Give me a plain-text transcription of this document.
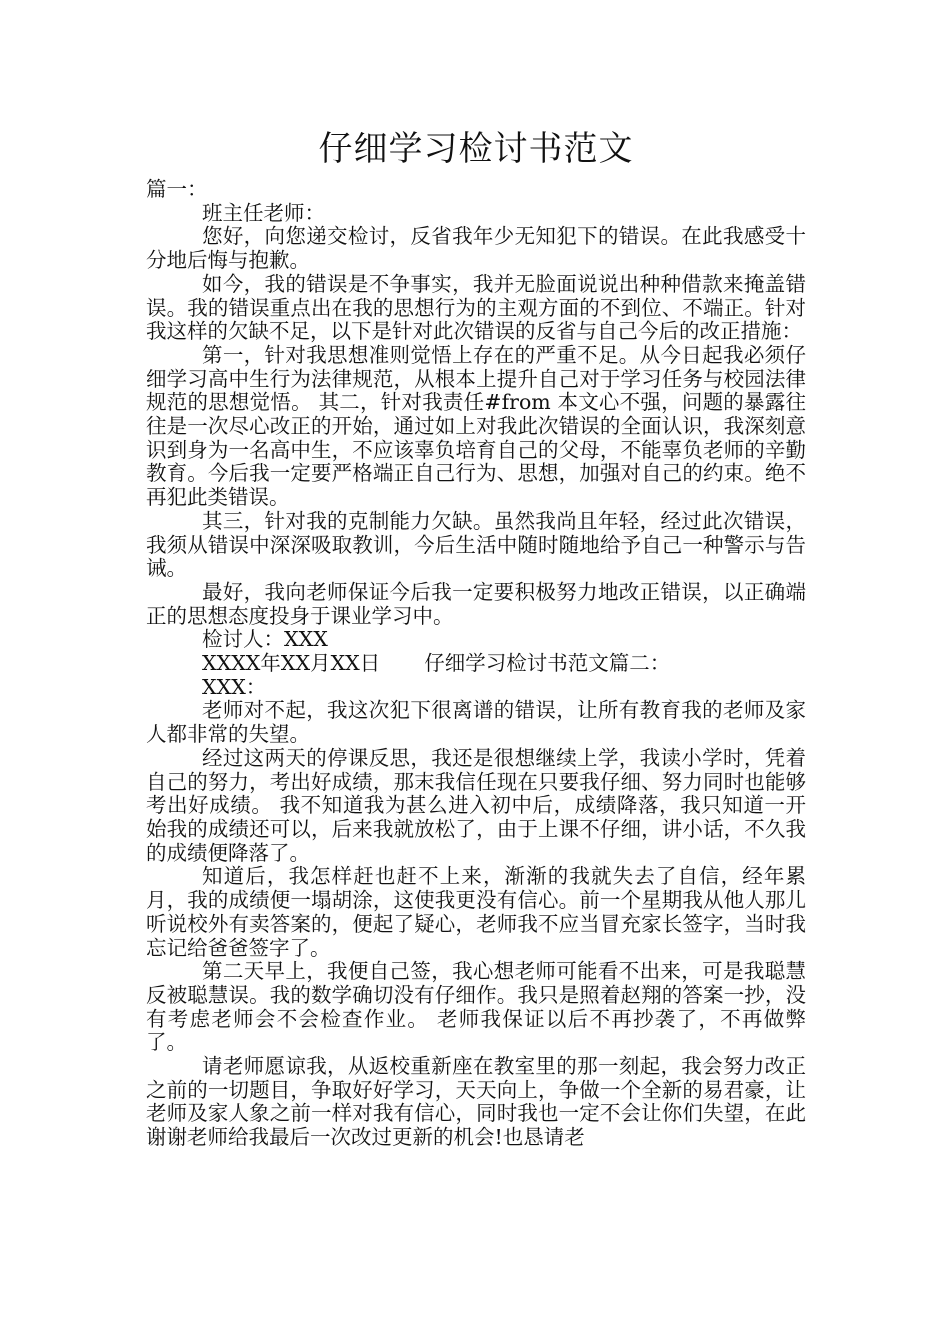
仔细学习检讨书范文

篇一：

班主任老师：

您好，向您递交检讨，反省我年少无知犯下的错误。在此我感受十分地后悔与抱歉。

如今，我的错误是不争事实，我并无脸面说说出种种借款来掩盖错误。我的错误重点出在我的思想行为的主观方面的不到位、不端正。针对我这样的欠缺不足，以下是针对此次错误的反省与自己今后的改正措施：

第一，针对我思想准则觉悟上存在的严重不足。从今日起我必须仔细学习高中生行为法律规范，从根本上提升自己对于学习任务与校园法律规范的思想觉悟。 其二，针对我责任#from 本文心不强，问题的暴露往往是一次尽心改正的开始，通过如上对我此次错误的全面认识，我深刻意识到身为一名高中生，不应该辜负培育自己的父母，不能辜负老师的辛勤教育。今后我一定要严格端正自己行为、思想，加强对自己的约束。绝不再犯此类错误。

其三，针对我的克制能力欠缺。虽然我尚且年轻，经过此次错误，我须从错误中深深吸取教训，今后生活中随时随地给予自己一种警示与告诫。

最好，我向老师保证今后我一定要积极努力地改正错误，以正确端正的思想态度投身于课业学习中。

检讨人：XXX

XXXX年XX月XX日 仔细学习检讨书范文篇二：

XXX：

老师对不起，我这次犯下很离谱的错误，让所有教育我的老师及家人都非常的失望。

经过这两天的停课反思，我还是很想继续上学，我读小学时，凭着自己的努力，考出好成绩，那末我信任现在只要我仔细、努力同时也能够考出好成绩。 我不知道我为甚么进入初中后，成绩降落，我只知道一开始我的成绩还可以，后来我就放松了，由于上课不仔细，讲小话，不久我的成绩便降落了。

知道后，我怎样赶也赶不上来，渐渐的我就失去了自信，经年累月，我的成绩便一塌胡涂，这使我更没有信心。前一个星期我从他人那儿听说校外有卖答案的，便起了疑心，老师我不应当冒充家长签字，当时我忘记给爸爸签字了。

第二天早上，我便自己签，我心想老师可能看不出来，可是我聪慧反被聪慧误。我的数学确切没有仔细作。我只是照着赵翔的答案一抄，没有考虑老师会不会检查作业。 老师我保证以后不再抄袭了，不再做弊了。

请老师愿谅我，从返校重新座在教室里的那一刻起，我会努力改正之前的一切题目，争取好好学习，天天向上，争做一个全新的易君豪，让老师及家人象之前一样对我有信心，同时我也一定不会让你们失望，在此谢谢老师给我最后一次改过更新的机会!也恳请老
